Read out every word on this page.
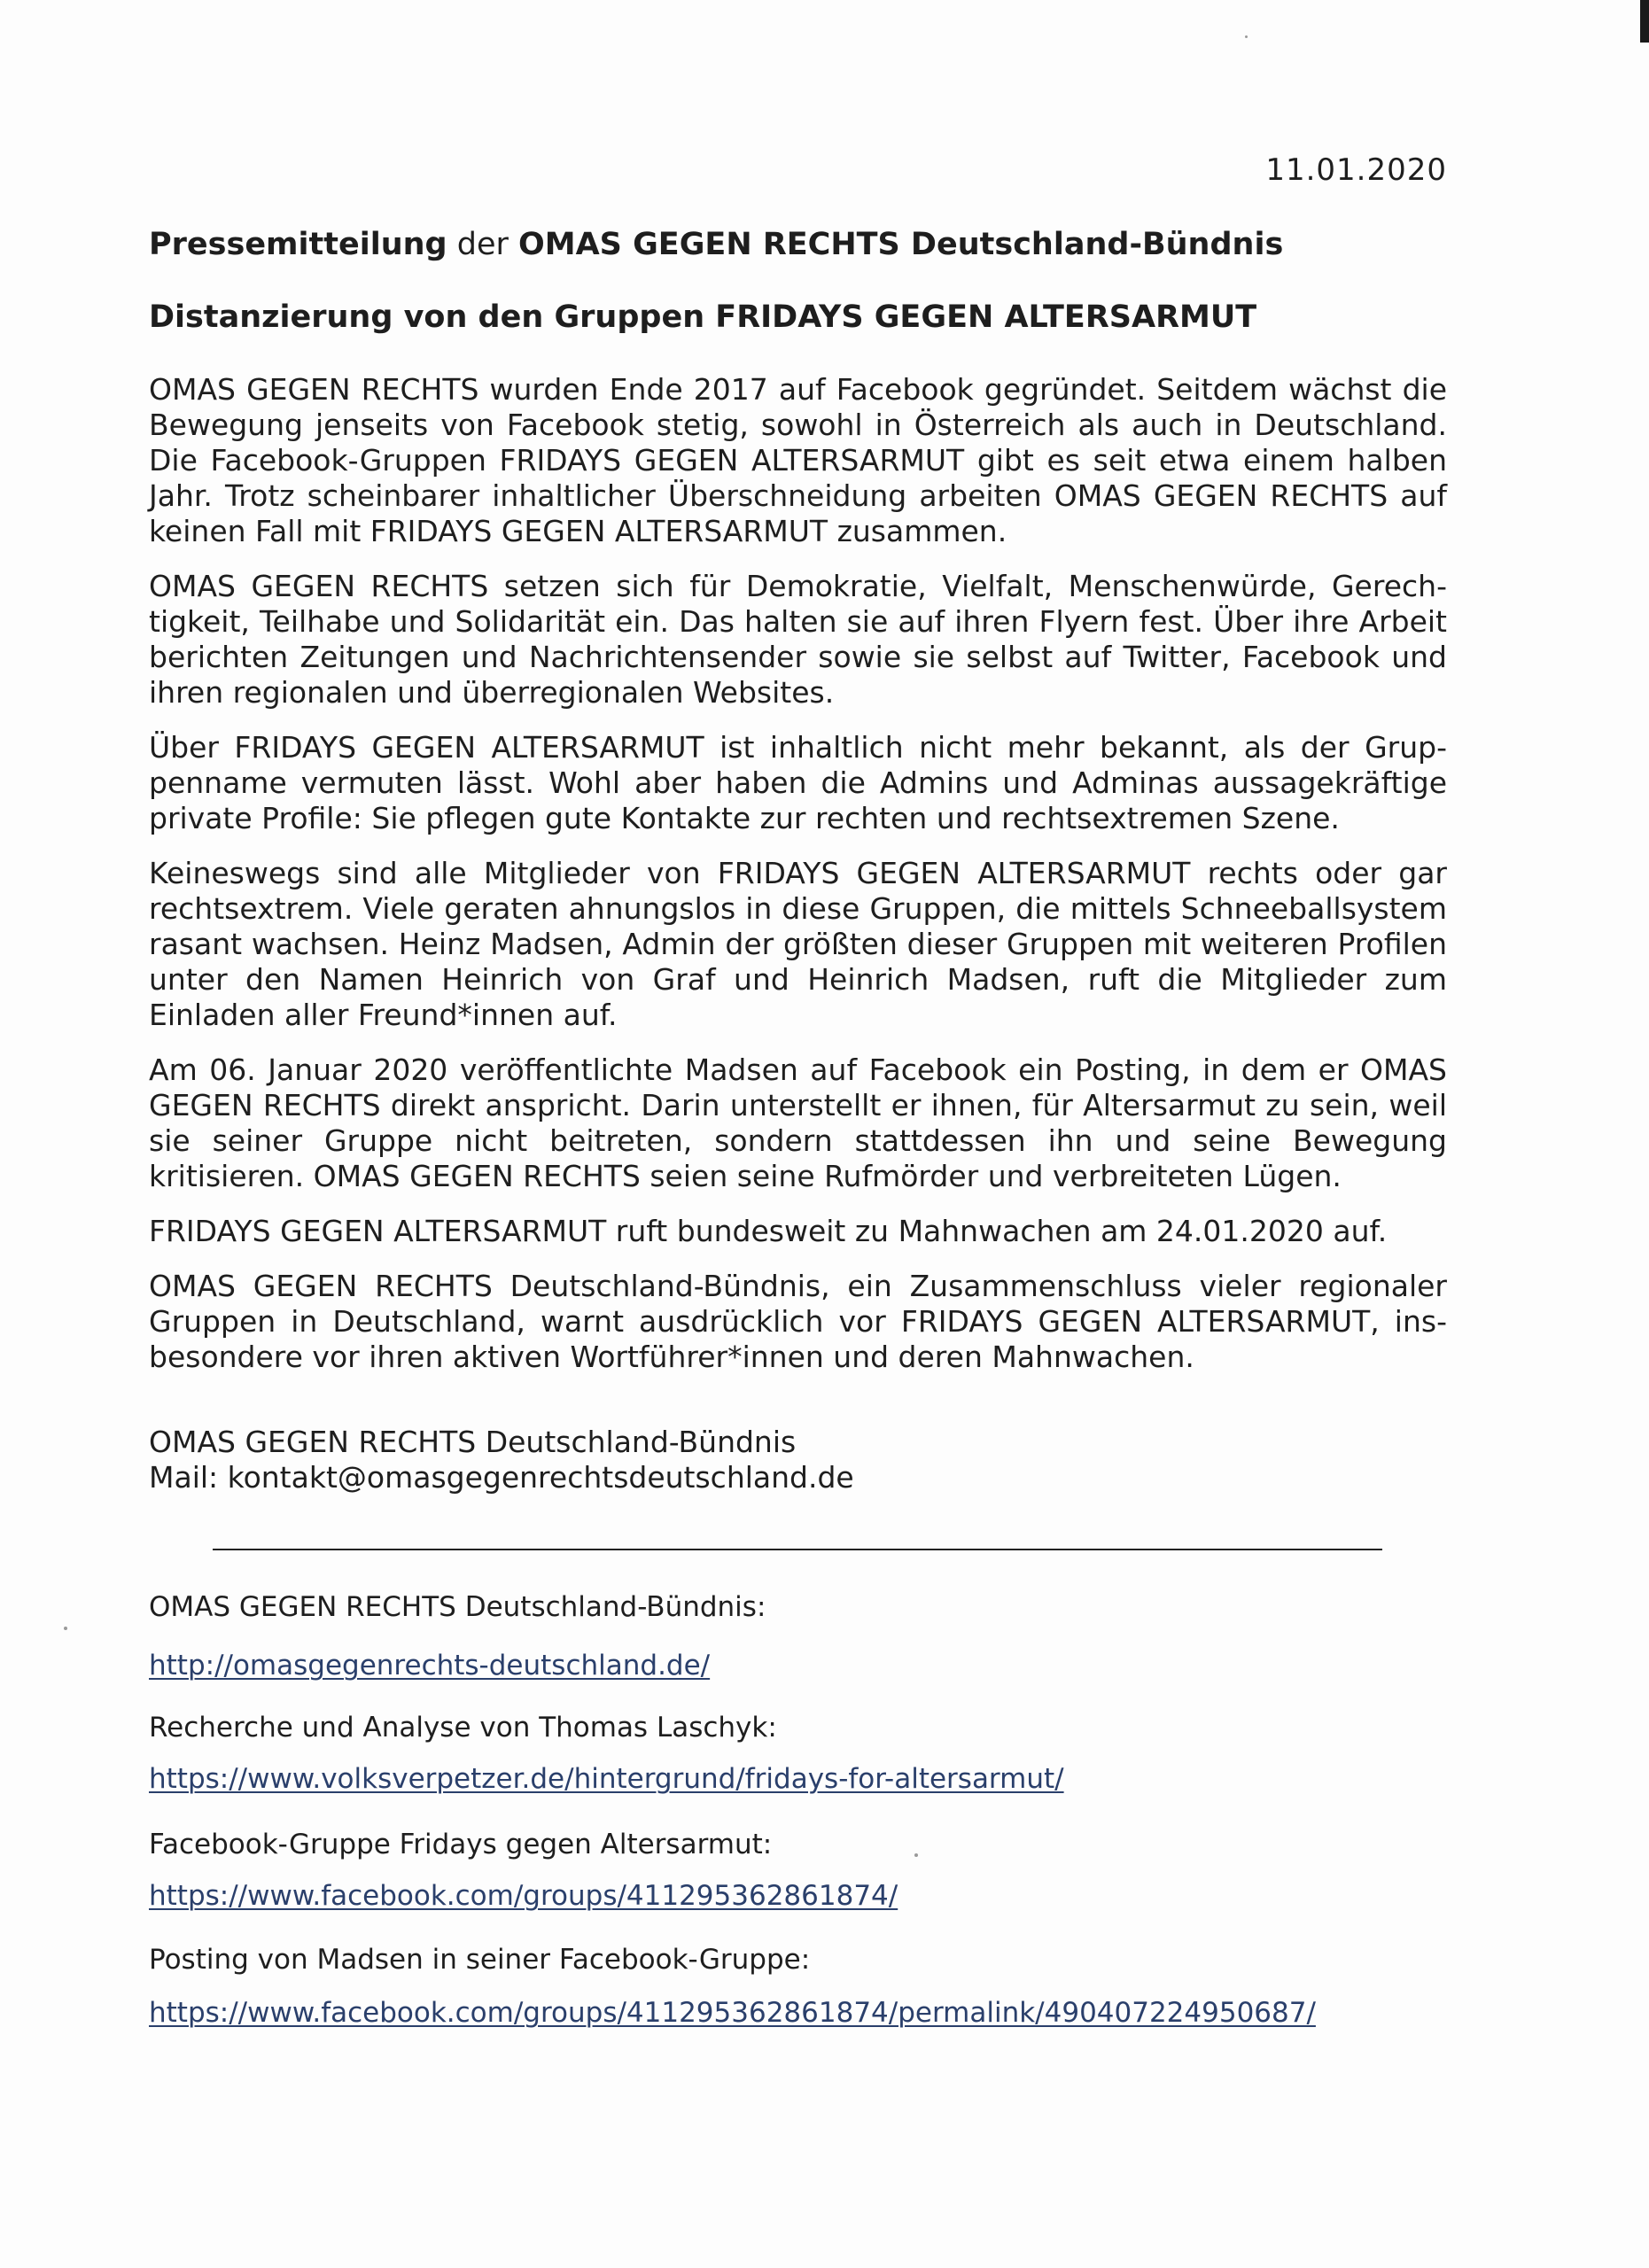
11.01.2020
Pressemitteilung der OMAS GEGEN RECHTS Deutschland-Bündnis
Distanzierung von den Gruppen FRIDAYS GEGEN ALTERSARMUT

OMAS GEGEN RECHTS wurden Ende 2017 auf Facebook gegründet. Seitdem wächst die Bewegung jenseits von Facebook stetig, sowohl in Österreich als auch in Deutschland. Die Facebook-Gruppen FRIDAYS GEGEN ALTERSARMUT gibt es seit etwa einem halben Jahr. Trotz scheinbarer inhaltlicher Überschneidung arbeiten OMAS GEGEN RECHTS auf keinen Fall mit FRIDAYS GEGEN ALTERSARMUT zusammen.

OMAS GEGEN RECHTS setzen sich für Demokratie, Vielfalt, Menschenwürde, Gerechtigkeit, Teilhabe und Solidarität ein. Das halten sie auf ihren Flyern fest. Über ihre Arbeit berichten Zeitungen und Nachrichtensender sowie sie selbst auf Twitter, Facebook und ihren regionalen und überregionalen Websites.

Über FRIDAYS GEGEN ALTERSARMUT ist inhaltlich nicht mehr bekannt, als der Gruppenname vermuten lässt. Wohl aber haben die Admins und Adminas aussagekräftige private Profile: Sie pflegen gute Kontakte zur rechten und rechtsextremen Szene.

Keineswegs sind alle Mitglieder von FRIDAYS GEGEN ALTERSARMUT rechts oder gar rechtsextrem. Viele geraten ahnungslos in diese Gruppen, die mittels Schneeballsystem rasant wachsen. Heinz Madsen, Admin der größten dieser Gruppen mit weiteren Profilen unter den Namen Heinrich von Graf und Heinrich Madsen, ruft die Mitglieder zum Einladen aller Freund*innen auf.

Am 06. Januar 2020 veröffentlichte Madsen auf Facebook ein Posting, in dem er OMAS GEGEN RECHTS direkt anspricht. Darin unterstellt er ihnen, für Altersarmut zu sein, weil sie seiner Gruppe nicht beitreten, sondern stattdessen ihn und seine Bewegung kritisieren. OMAS GEGEN RECHTS seien seine Rufmörder und verbreiteten Lügen.

FRIDAYS GEGEN ALTERSARMUT ruft bundesweit zu Mahnwachen am 24.01.2020 auf.

OMAS GEGEN RECHTS Deutschland-Bündnis, ein Zusammenschluss vieler regionaler Gruppen in Deutschland, warnt ausdrücklich vor FRIDAYS GEGEN ALTERSARMUT, insbesondere vor ihren aktiven Wortführer*innen und deren Mahnwachen.

OMAS GEGEN RECHTS Deutschland-Bündnis
Mail: kontakt@omasgegenrechtsdeutschland.de
OMAS GEGEN RECHTS Deutschland-Bündnis:
http://omasgegenrechts-deutschland.de/
Recherche und Analyse von Thomas Laschyk:
https://www.volksverpetzer.de/hintergrund/fridays-for-altersarmut/
Facebook-Gruppe Fridays gegen Altersarmut:
https://www.facebook.com/groups/411295362861874/
Posting von Madsen in seiner Facebook-Gruppe:
https://www.facebook.com/groups/411295362861874/permalink/490407224950687/
